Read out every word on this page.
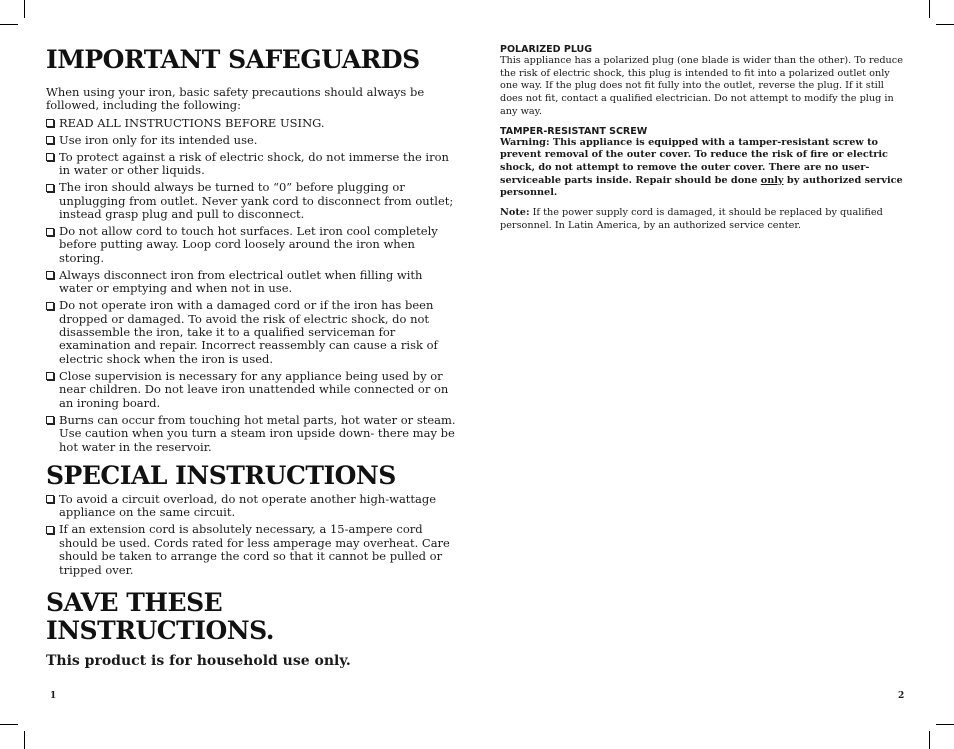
IMPORTANT SAFEGUARDS

When using your iron, basic safety precautions should always be followed, including the following:

READ ALL INSTRUCTIONS BEFORE USING.
Use iron only for its intended use.
To protect against a risk of electric shock, do not immerse the iron in water or other liquids.
The iron should always be turned to “0” before plugging or unplugging from outlet. Never yank cord to disconnect from outlet; instead grasp plug and pull to disconnect.
Do not allow cord to touch hot surfaces. Let iron cool completely before putting away. Loop cord loosely around the iron when storing.
Always disconnect iron from electrical outlet when filling with water or emptying and when not in use.
Do not operate iron with a damaged cord or if the iron has been dropped or damaged. To avoid the risk of electric shock, do not disassemble the iron, take it to a qualified serviceman for examination and repair. Incorrect reassembly can cause a risk of electric shock when the iron is used.
Close supervision is necessary for any appliance being used by or near children. Do not leave iron unattended while connected or on an ironing board.
Burns can occur from touching hot metal parts, hot water or steam. Use caution when you turn a steam iron upside down- there may be hot water in the reservoir.
SPECIAL INSTRUCTIONS
To avoid a circuit overload, do not operate another high-wattage appliance on the same circuit.
If an extension cord is absolutely necessary, a 15-ampere cord should be used. Cords rated for less amperage may overheat. Care should be taken to arrange the cord so that it cannot be pulled or tripped over.
SAVE THESE INSTRUCTIONS.
This product is for household use only.

POLARIZED PLUG

This appliance has a polarized plug (one blade is wider than the other). To reduce the risk of electric shock, this plug is intended to fit into a polarized outlet only one way. If the plug does not fit fully into the outlet, reverse the plug. If it still does not fit, contact a qualified electrician. Do not attempt to modify the plug in any way.

TAMPER-RESISTANT SCREW

Warning: This appliance is equipped with a tamper-resistant screw to prevent removal of the outer cover. To reduce the risk of fire or electric shock, do not attempt to remove the outer cover. There are no user-serviceable parts inside. Repair should be done only by authorized service personnel.

Note: If the power supply cord is damaged, it should be replaced by qualified personnel. In Latin America, by an authorized service center.

1	2
